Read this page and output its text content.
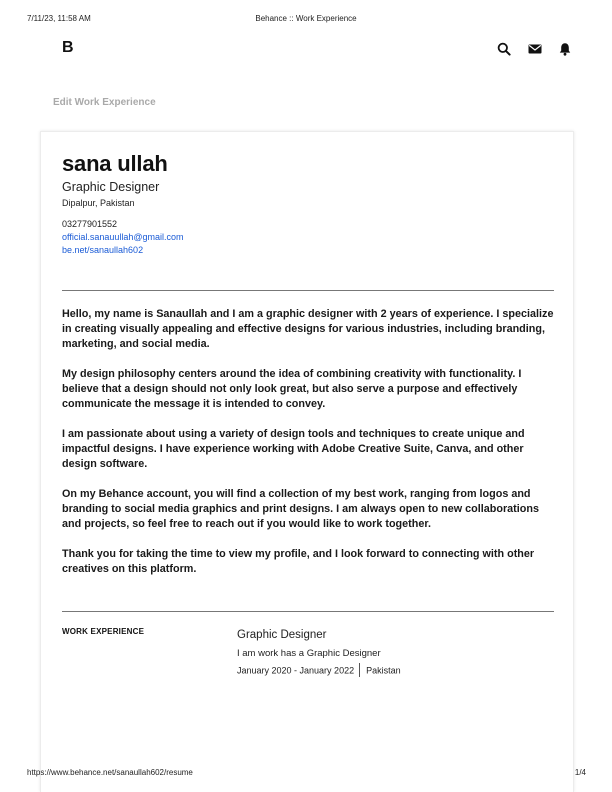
7/11/23, 11:58 AM	Behance :: Work Experience
B
Edit Work Experience
sana ullah
Graphic Designer
Dipalpur, Pakistan
03277901552
official.sanauullah@gmail.com
be.net/sanaullah602

Hello, my name is Sanaullah and I am a graphic designer with 2 years of experience. I specialize in creating visually appealing and effective designs for various industries, including branding, marketing, and social media.

My design philosophy centers around the idea of combining creativity with functionality. I believe that a design should not only look great, but also serve a purpose and effectively communicate the message it is intended to convey.

I am passionate about using a variety of design tools and techniques to create unique and impactful designs. I have experience working with Adobe Creative Suite, Canva, and other design software.

On my Behance account, you will find a collection of my best work, ranging from logos and branding to social media graphics and print designs. I am always open to new collaborations and projects, so feel free to reach out if you would like to work together.

Thank you for taking the time to view my profile, and I look forward to connecting with other creatives on this platform.

WORK EXPERIENCE	Graphic Designer
I am work has a Graphic Designer
January 2020 - January 2022 Pakistan
https://www.behance.net/sanaullah602/resume	1/4
